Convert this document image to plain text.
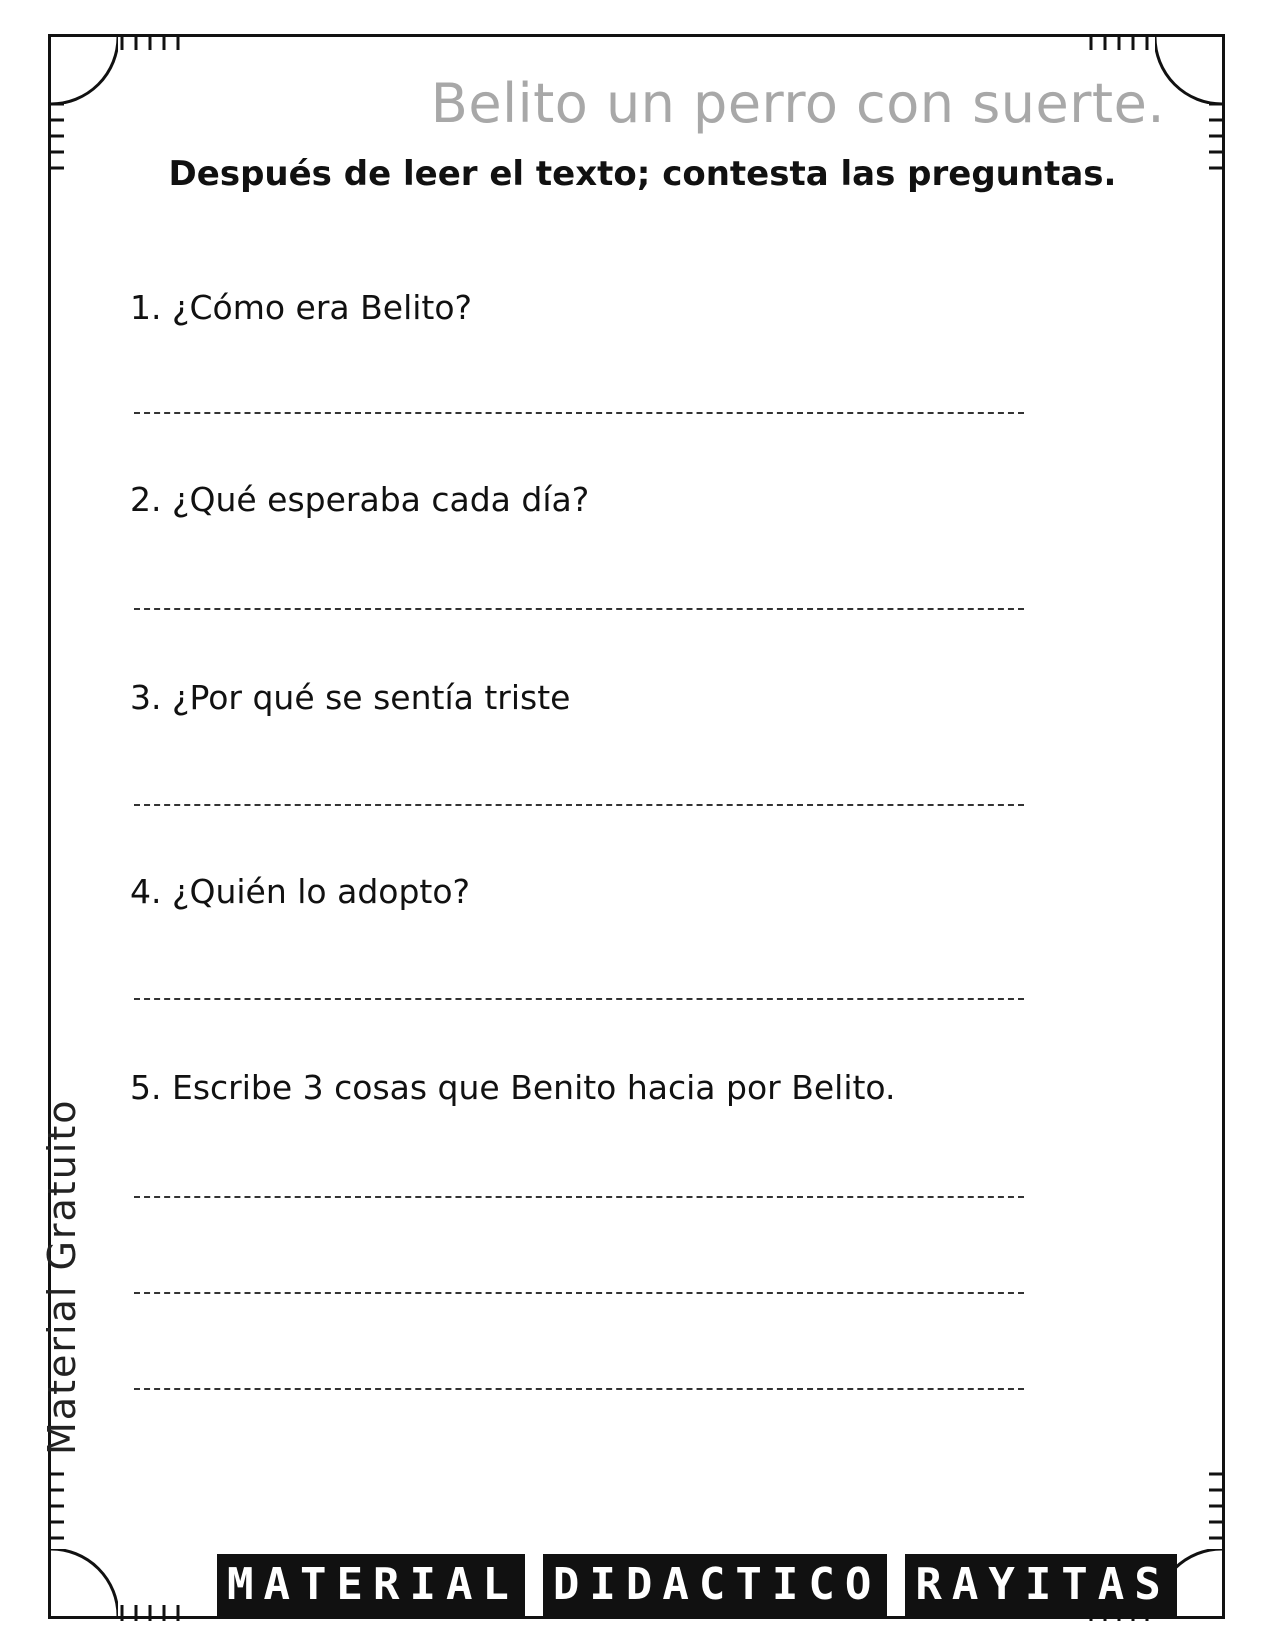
Belito un perro con suerte.
Después de leer el texto; contesta las preguntas.
1. ¿Cómo era Belito?
2. ¿Qué esperaba cada día?
3. ¿Por qué se sentía triste
4. ¿Quién lo adopto?
5. Escribe 3 cosas que Benito hacia por Belito.
Material Gratuito
MATERIAL DIDACTICO RAYITAS
